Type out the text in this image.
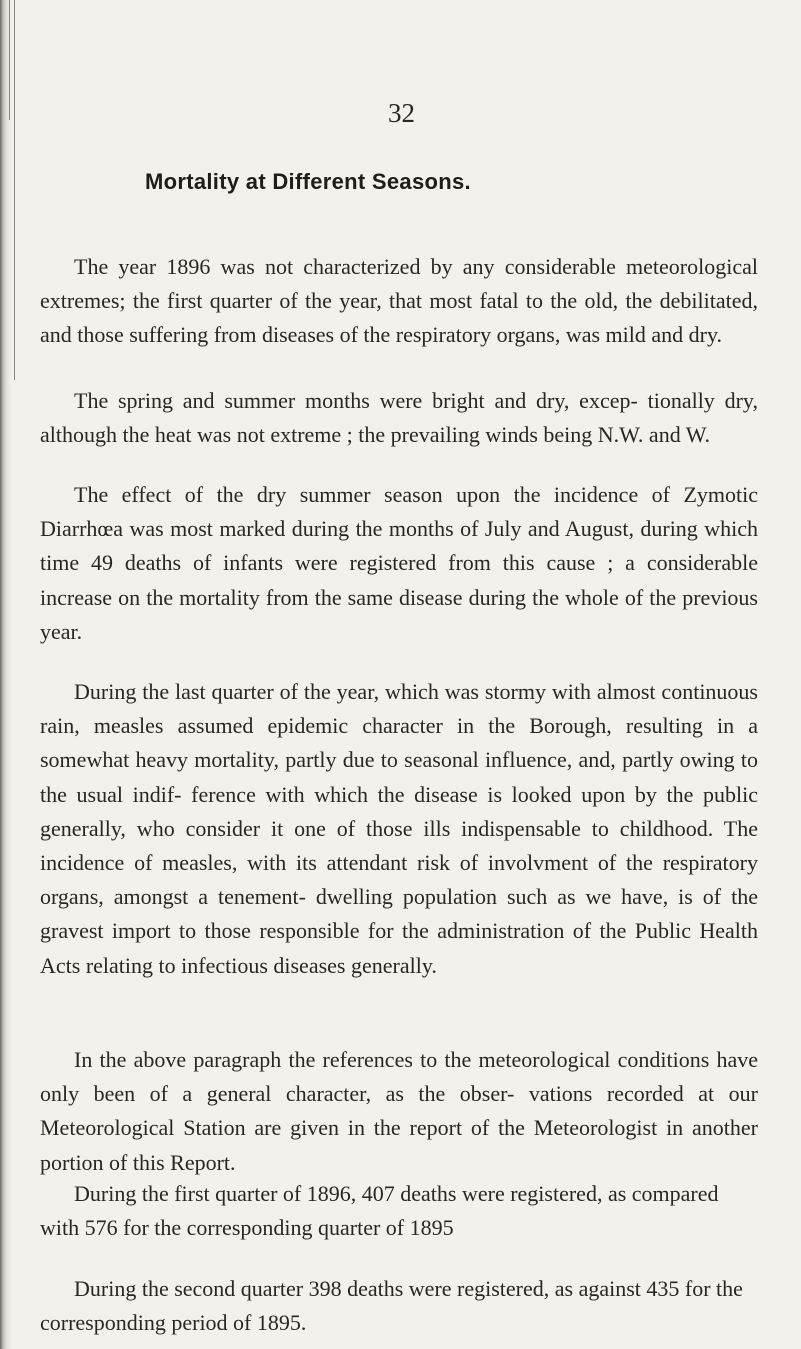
32
Mortality at Different Seasons.

The year 1896 was not characterized by any considerable meteorological extremes; the first quarter of the year, that most fatal to the old, the debilitated, and those suffering from diseases of the respiratory organs, was mild and dry.

The spring and summer months were bright and dry, excep- tionally dry, although the heat was not extreme ; the prevailing winds being N.W. and W.

The effect of the dry summer season upon the incidence of Zymotic Diarrhœa was most marked during the months of July and August, during which time 49 deaths of infants were registered from this cause ; a considerable increase on the mortality from the same disease during the whole of the previous year.

During the last quarter of the year, which was stormy with almost continuous rain, measles assumed epidemic character in the Borough, resulting in a somewhat heavy mortality, partly due to seasonal influence, and, partly owing to the usual indif- ference with which the disease is looked upon by the public generally, who consider it one of those ills indispensable to childhood. The incidence of measles, with its attendant risk of involvment of the respiratory organs, amongst a tenement- dwelling population such as we have, is of the gravest import to those responsible for the administration of the Public Health Acts relating to infectious diseases generally.

In the above paragraph the references to the meteorological conditions have only been of a general character, as the obser- vations recorded at our Meteorological Station are given in the report of the Meteorologist in another portion of this Report.

During the first quarter of 1896, 407 deaths were registered, as compared with 576 for the corresponding quarter of 1895

During the second quarter 398 deaths were registered, as against 435 for the corresponding period of 1895.
